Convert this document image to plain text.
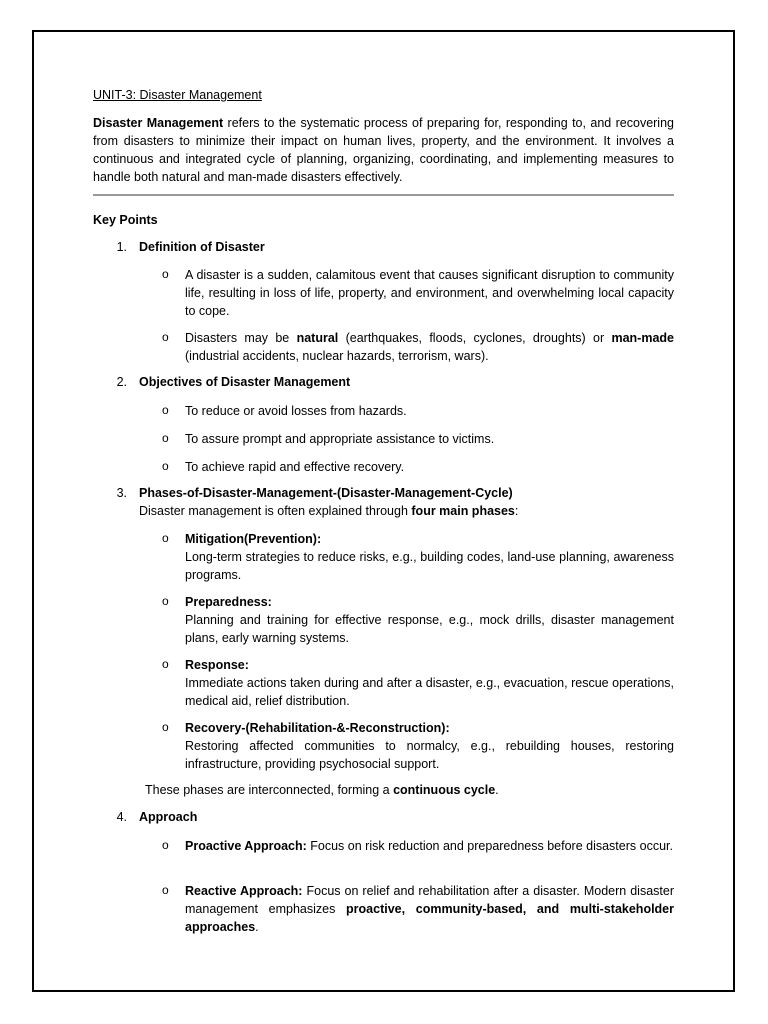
UNIT-3: Disaster Management

Disaster Management refers to the systematic process of preparing for, responding to, and recovering from disasters to minimize their impact on human lives, property, and the environment. It involves a continuous and integrated cycle of planning, organizing, coordinating, and implementing measures to handle both natural and man-made disasters effectively.

Key Points
1. Definition of Disaster
o A disaster is a sudden, calamitous event that causes significant disruption to community life, resulting in loss of life, property, and environment, and overwhelming local capacity to cope.

o Disasters may be natural (earthquakes, floods, cyclones, droughts) or man-made (industrial accidents, nuclear hazards, terrorism, wars).

2. Objectives of Disaster Management
o To reduce or avoid losses from hazards.

o To assure prompt and appropriate assistance to victims.

o To achieve rapid and effective recovery.

3. Phases-of-Disaster-Management-(Disaster-Management-Cycle)
Disaster management is often explained through four main phases:
o Mitigation(Prevention):
Long-term strategies to reduce risks, e.g., building codes, land-use planning, awareness programs.

o Preparedness:
Planning and training for effective response, e.g., mock drills, disaster management plans, early warning systems.

o Response:
Immediate actions taken during and after a disaster, e.g., evacuation, rescue operations, medical aid, relief distribution.

o Recovery-(Rehabilitation-&-Reconstruction):
Restoring affected communities to normalcy, e.g., rebuilding houses, restoring infrastructure, providing psychosocial support.

These phases are interconnected, forming a continuous cycle.
4. Approach
o Proactive Approach: Focus on risk reduction and preparedness before disasters occur.

o Reactive Approach: Focus on relief and rehabilitation after a disaster. Modern disaster management emphasizes proactive, community-based, and multi-stakeholder approaches.
